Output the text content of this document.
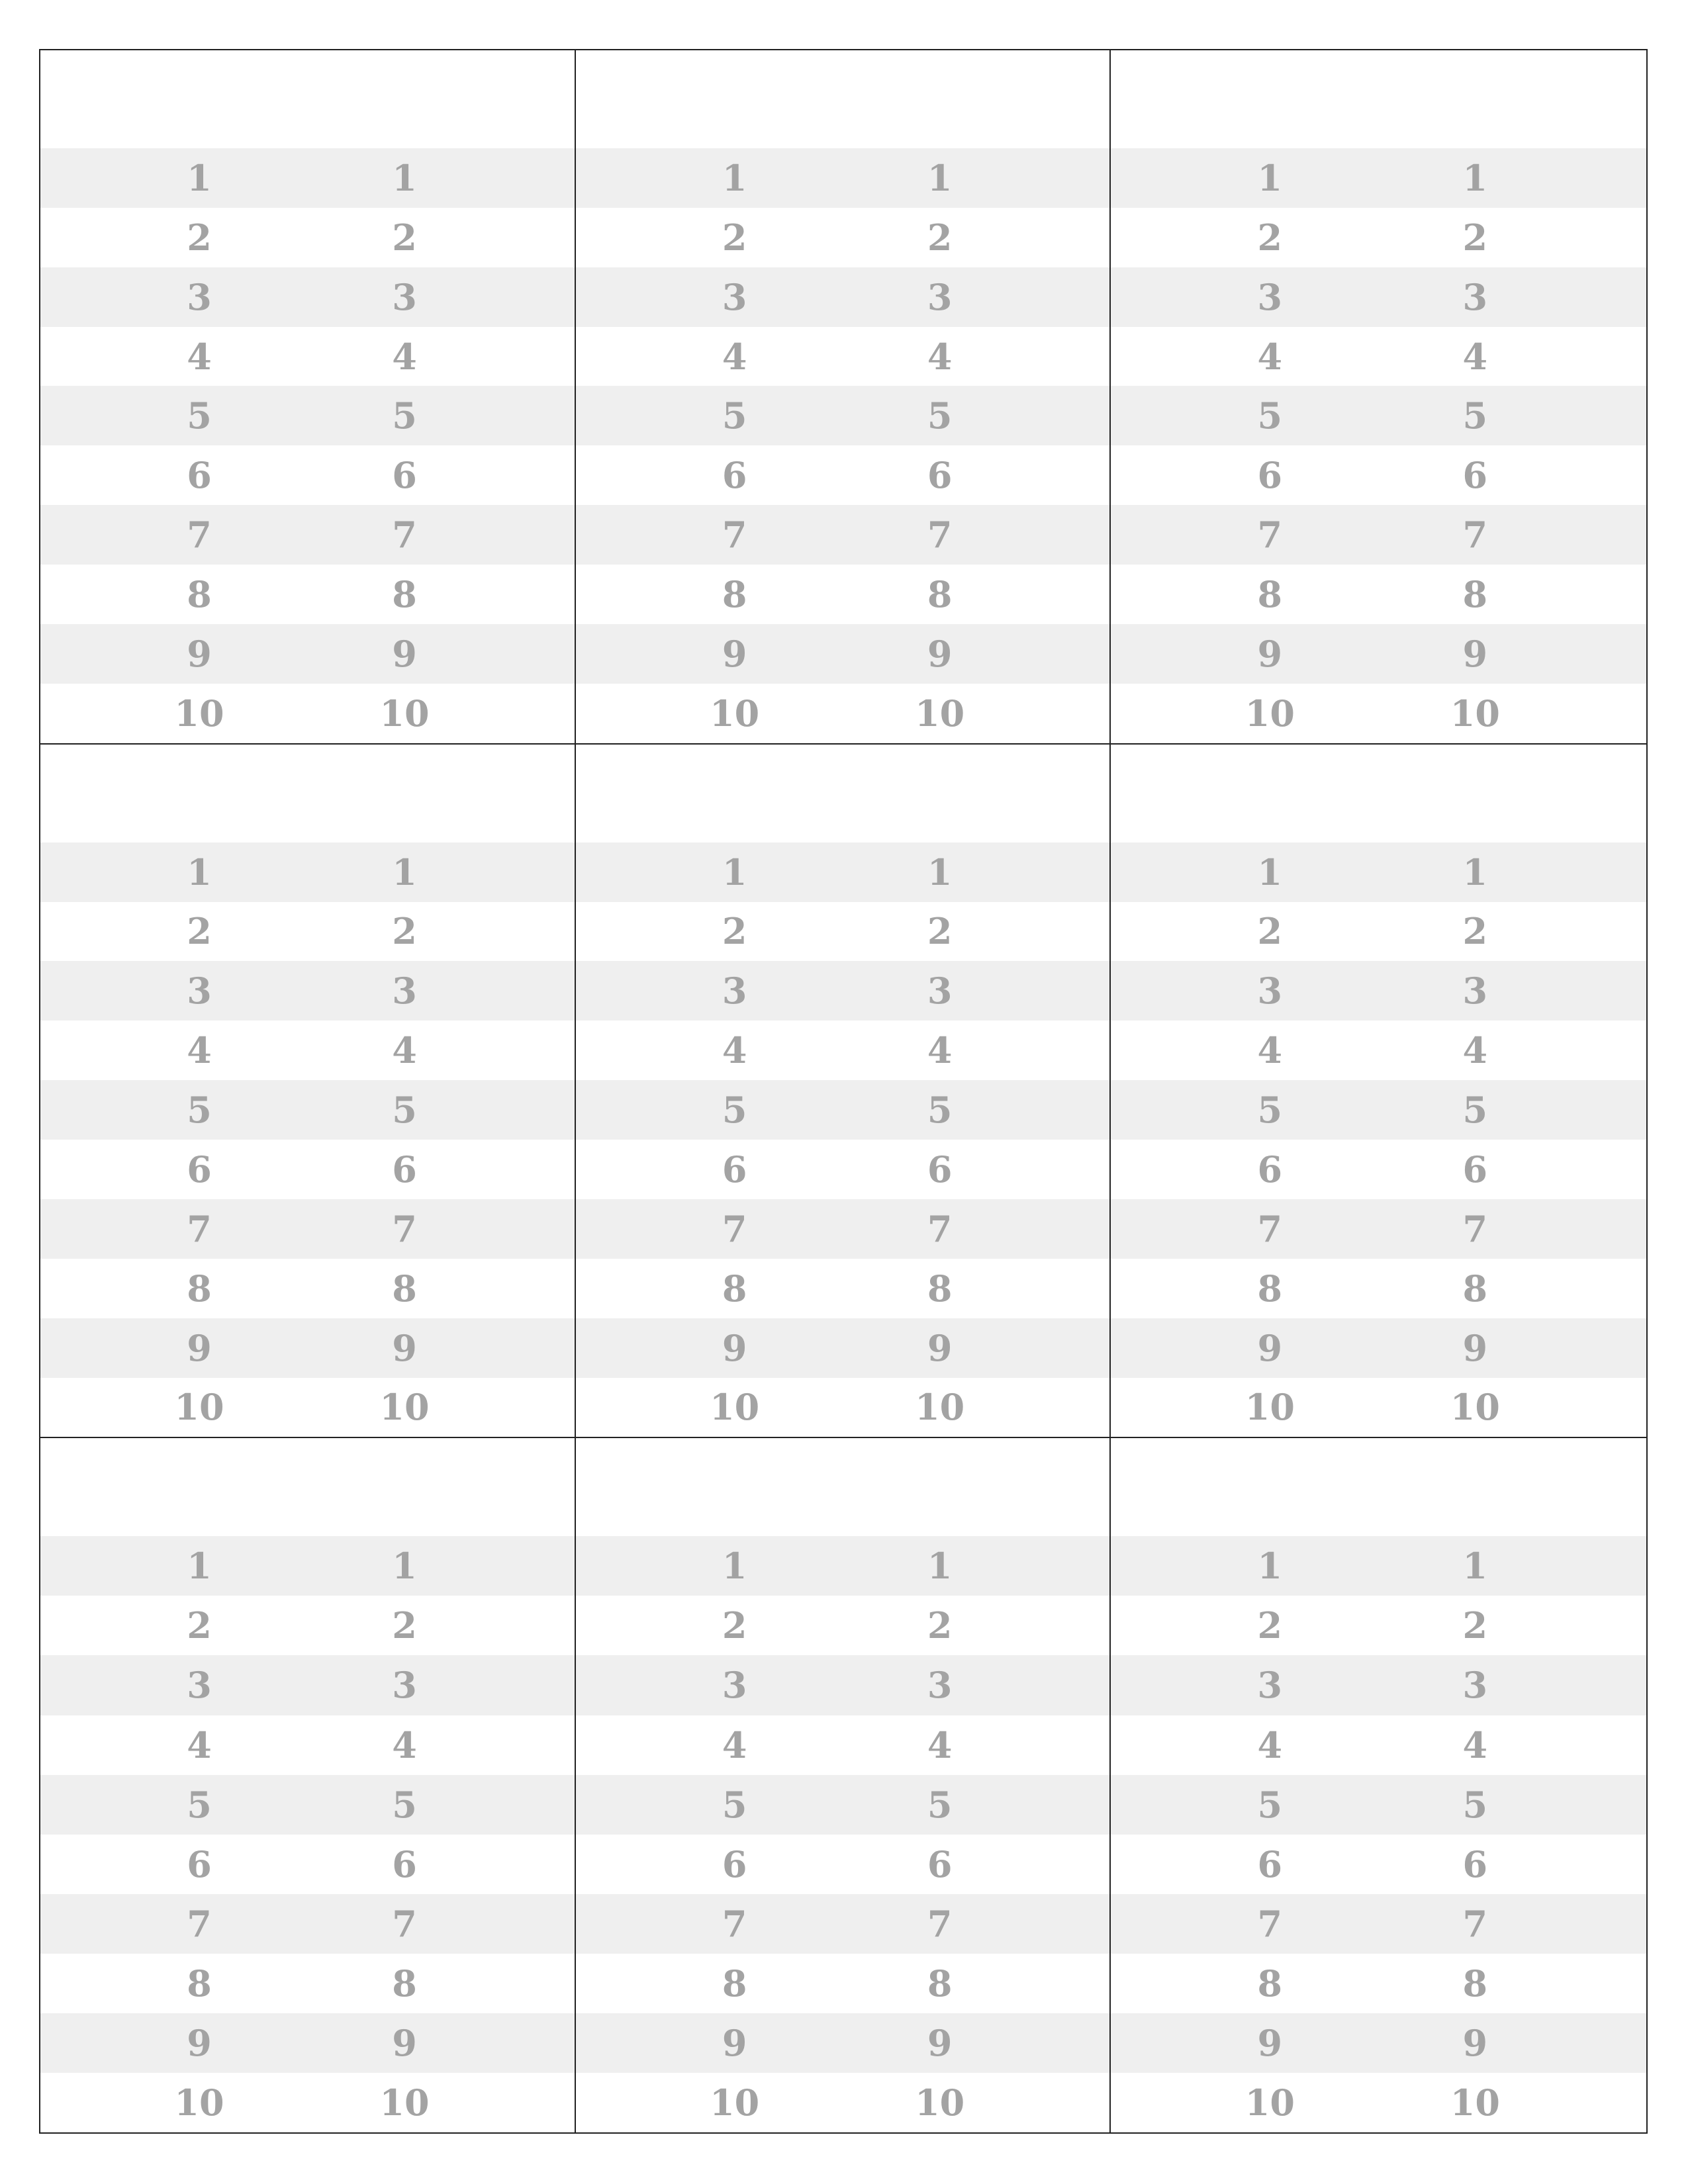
1	1
2	2
3	3
4	4
5	5
6	6
7	7
8	8
9	9
10	10
1	1
2	2
3	3
4	4
5	5
6	6
7	7
8	8
9	9
10	10
1	1
2	2
3	3
4	4
5	5
6	6
7	7
8	8
9	9
10	10
1	1
2	2
3	3
4	4
5	5
6	6
7	7
8	8
9	9
10	10
1	1
2	2
3	3
4	4
5	5
6	6
7	7
8	8
9	9
10	10
1	1
2	2
3	3
4	4
5	5
6	6
7	7
8	8
9	9
10	10
1	1
2	2
3	3
4	4
5	5
6	6
7	7
8	8
9	9
10	10
1	1
2	2
3	3
4	4
5	5
6	6
7	7
8	8
9	9
10	10
1	1
2	2
3	3
4	4
5	5
6	6
7	7
8	8
9	9
10	10
